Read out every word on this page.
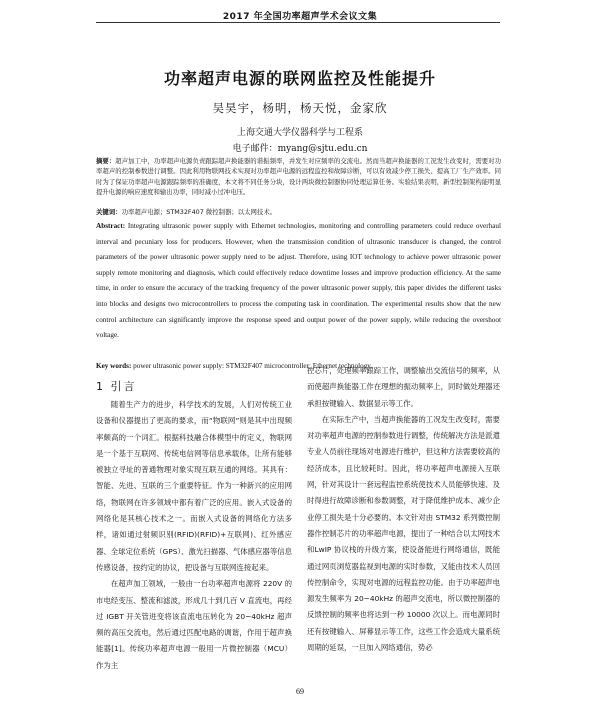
2017 年全国功率超声学术会议文集
功率超声电源的联网监控及性能提升
吴昊宇，杨明，杨天悦，金家欣
上海交通大学仪器科学与工程系
电子邮件：myang@sjtu.edu.cn
摘要：超声加工中，功率超声电源负责跟踪超声换能器的谐振频率，并发生对应频率的交流电。然而当超声换能器的工况发生改变时，需要对功率超声的控制参数进行调整。因此利用物联网技术实现对功率超声电源的远程监控和故障诊断，可以有效减少停工损失、提高工厂生产效率。同时为了保证功率超声电源跟踪频率的准确度，本文将不同任务分块，设计两块微控制器协同处理运算任务。实验结果表明，新型控制架构能明显提升电源的响应速度和输出功率，同时减小过冲电压。
关键词：功率超声电源；STM32F407 微控制器；以太网技术。
Abstract: Integrating ultrasonic power supply with Ethernet technologies, monitoring and controlling parameters could reduce overhaul interval and pecuniary loss for producers. However, when the transmission condition of ultrasonic transducer is changed, the control parameters of the power ultrasonic power supply need to be adjust. Therefore, using IOT technology to achieve power ultrasonic power supply remote monitoring and diagnosis, which could effectively reduce downtime losses and improve production efficiency. At the same time, in order to ensure the accuracy of the tracking frequency of the power ultrasonic power supply, this paper divides the different tasks into blocks and designs two microcontrollers to process the computing task in coordination. The experimental results show that the new control architecture can significantly improve the response speed and output power of the power supply, while reducing the overshoot voltage.
Key words: power ultrasonic power supply: STM32F407 microcontroller; Ethernet technology.
1 引言

随着生产力的进步，科学技术的发展，人们对传统工业设备和仪器提出了更高的要求，而“物联网”则是其中出现频率颇高的一个词汇。根据科技融合体模型中的定义，物联网是一个基于互联网、传统电信网等信息承载体，让所有能够被独立寻址的普通物理对象实现互联互通的网络。其具有：智能、先进、互联的三个重要特征。作为一种新兴的应用网络，物联网在许多领域中都有着广泛的应用。嵌入式设备的网络化是其核心技术之一。而嵌入式设备的网络化方法多样，诸如通过射频识别(RFID)(RFID)+互联网)、红外感应器、全球定位系统（GPS）、激光扫描器、气体感应器等信息传感设备，按约定的协议，把设备与互联网连接起来。

在超声加工领域，一般由一台功率超声电源将 220V 的市电经变压、整流和滤波，形成几十到几百 V 直流电，再经过 IGBT 开关管进变将该直流电压转化为 20~40kHz 超声频的高压交流电，然后通过匹配电路的调谐，作用于超声换能器[1]。传统功率超声电源一般用一片微控制器（MCU）作为主

控芯片，处理频率跟踪工作，调整输出交流信号的频率，从而使超声换能器工作在理想的振动频率上，同时做处理器还承担按键输入、数据显示等工作。

在实际生产中，当超声换能器的工况发生改变时，需要对功率超声电源的控制参数进行调整，传统解决方法是派遣专业人员前往现场对电源进行维护，但这种方法需要较高的经济成本，且比较耗时。因此，将功率超声电源接入互联网，针对其设计一套远程监控系统使技术人员能够快速、及时得进行故障诊断和参数调整，对于降低维护成本、减少企业停工损失是十分必要的。本文针对由 STM32 系列微控制器作控制芯片的功率超声电源，提出了一种结合以太网技术和LwIP 协议栈的升级方案，使设备能进行网络通信，既能通过网页浏览器监视到电源的实时参数，又能由技术人员回传控制命令，实现对电源的远程监控功能。由于功率超声电源发生频率为 20~40kHz 的超声交流电，所以微控制器的反馈控制的频率也将达到一秒 10000 次以上。而电源同时还有按键输入、屏幕显示等工作，这些工作会造成大量系统周期的延误，一旦加入网络通信，势必

69
